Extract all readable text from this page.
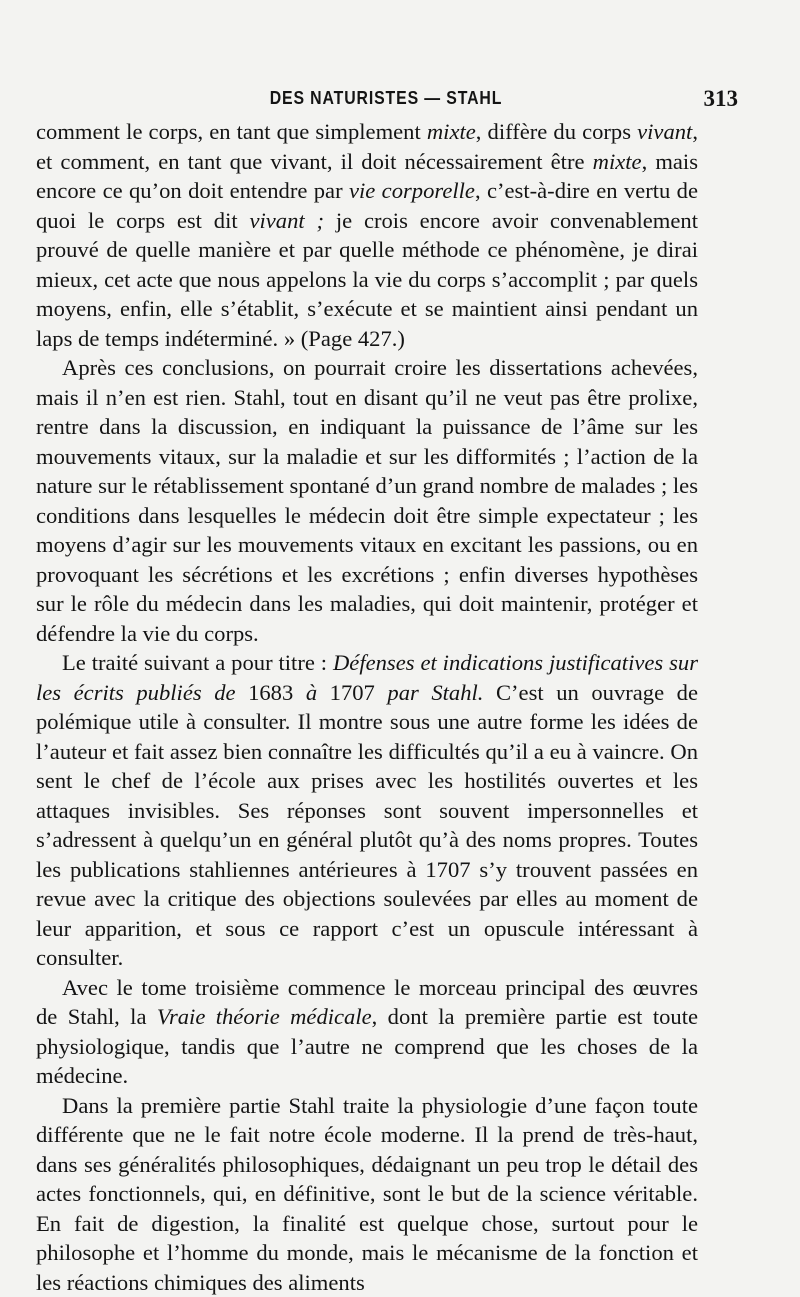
DES NATURISTES — STAHL	313

comment le corps, en tant que simplement mixte, diffère du corps vivant, et comment, en tant que vivant, il doit nécessairement être mixte, mais encore ce qu’on doit entendre par vie corporelle, c’est-à-dire en vertu de quoi le corps est dit vivant ; je crois encore avoir convenablement prouvé de quelle manière et par quelle méthode ce phénomène, je dirai mieux, cet acte que nous appelons la vie du corps s’accomplit ; par quels moyens, enfin, elle s’établit, s’exécute et se maintient ainsi pendant un laps de temps indéterminé. » (Page 427.)

Après ces conclusions, on pourrait croire les dissertations achevées, mais il n’en est rien. Stahl, tout en disant qu’il ne veut pas être prolixe, rentre dans la discussion, en indiquant la puissance de l’âme sur les mouvements vitaux, sur la maladie et sur les difformités ; l’action de la nature sur le rétablissement spontané d’un grand nombre de malades ; les conditions dans lesquelles le médecin doit être simple expectateur ; les moyens d’agir sur les mouvements vitaux en excitant les passions, ou en provoquant les sécrétions et les excrétions ; enfin diverses hypothèses sur le rôle du médecin dans les maladies, qui doit maintenir, protéger et défendre la vie du corps.

Le traité suivant a pour titre : Défenses et indications justificatives sur les écrits publiés de 1683 à 1707 par Stahl. C’est un ouvrage de polémique utile à consulter. Il montre sous une autre forme les idées de l’auteur et fait assez bien connaître les difficultés qu’il a eu à vaincre. On sent le chef de l’école aux prises avec les hostilités ouvertes et les attaques invisibles. Ses réponses sont souvent impersonnelles et s’adressent à quelqu’un en général plutôt qu’à des noms propres. Toutes les publications stahliennes antérieures à 1707 s’y trouvent passées en revue avec la critique des objections soulevées par elles au moment de leur apparition, et sous ce rapport c’est un opuscule intéressant à consulter.

Avec le tome troisième commence le morceau principal des œuvres de Stahl, la Vraie théorie médicale, dont la première partie est toute physiologique, tandis que l’autre ne comprend que les choses de la médecine.

Dans la première partie Stahl traite la physiologie d’une façon toute différente que ne le fait notre école moderne. Il la prend de très-haut, dans ses généralités philosophiques, dédaignant un peu trop le détail des actes fonctionnels, qui, en définitive, sont le but de la science véritable. En fait de digestion, la finalité est quelque chose, surtout pour le philosophe et l’homme du monde, mais le mécanisme de la fonction et les réactions chimiques des aliments
